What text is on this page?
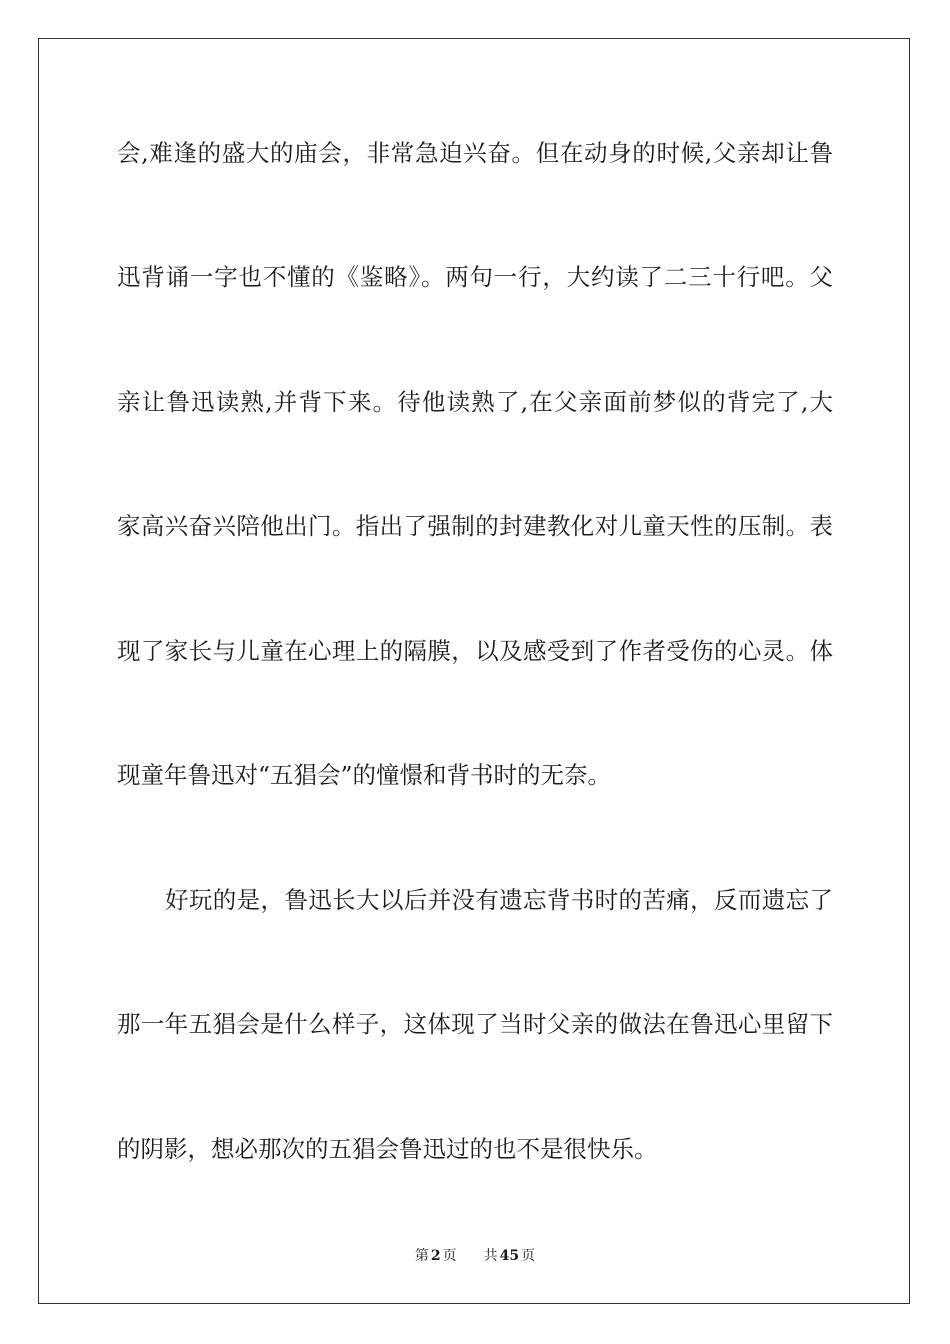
会,难逢的盛大的庙会，非常急迫兴奋。但在动身的时候,父亲却让鲁

迅背诵一字也不懂的《鉴略》。两句一行，大约读了二三十行吧。父

亲让鲁迅读熟,并背下来。待他读熟了,在父亲面前梦似的背完了,大

家高兴奋兴陪他出门。指出了强制的封建教化对儿童天性的压制。表

现了家长与儿童在心理上的隔膜，以及感受到了作者受伤的心灵。体

现童年鲁迅对“五猖会”的憧憬和背书时的无奈。

好玩的是，鲁迅长大以后并没有遗忘背书时的苦痛，反而遗忘了

那一年五猖会是什么样子，这体现了当时父亲的做法在鲁迅心里留下

的阴影，想必那次的五猖会鲁迅过的也不是很快乐。

第 2 页 共 45 页
